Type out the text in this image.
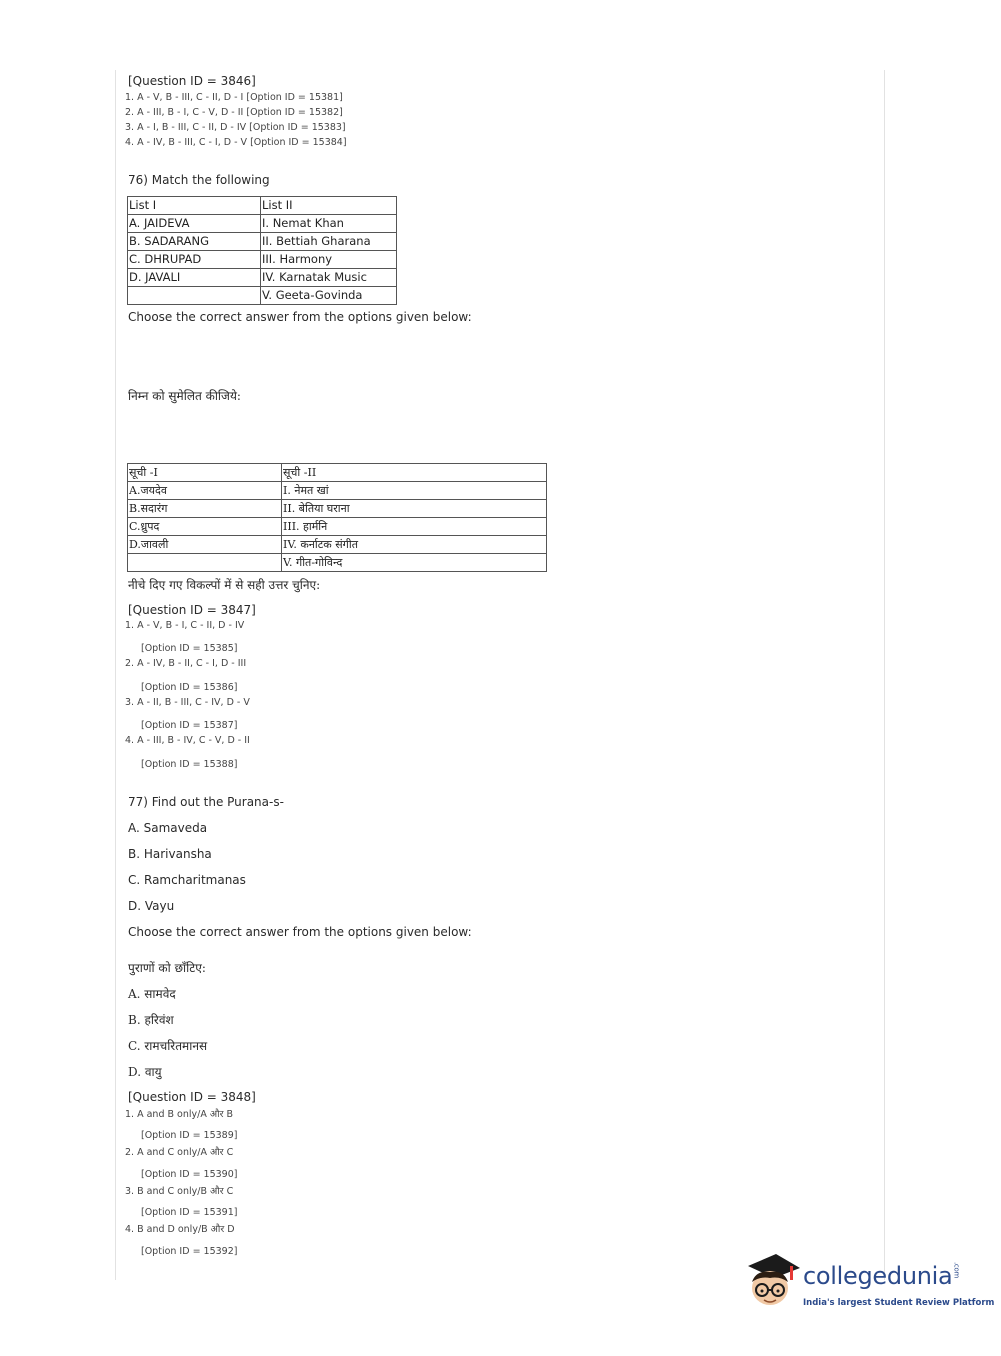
[Question ID = 3846]
1. A - V, B - III, C - II, D - I [Option ID = 15381]
2. A - III, B - I, C - V, D - II [Option ID = 15382]
3. A - I, B - III, C - II, D - IV [Option ID = 15383]
4. A - IV, B - III, C - I, D - V [Option ID = 15384]
76) Match the following
List I	List II
A. JAIDEVA	I. Nemat Khan
B. SADARANG	II. Bettiah Gharana
C. DHRUPAD	III. Harmony
D. JAVALI	IV. Karnatak Music
	V. Geeta-Govinda
Choose the correct answer from the options given below:
निम्न को सुमेलित कीजिये:
सूची -I	सूची -II
A.जयदेव	I. नेमत खां
B.सदारंग	II. बेतिया घराना
C.ध्रुपद	III. हार्मनि
D.जावली	IV. कर्नाटक संगीत
	V. गीत-गोविन्द
नीचे दिए गए विकल्पों में से सही उत्तर चुनिए:
[Question ID = 3847]
1. A - V, B - I, C - II, D - IV
[Option ID = 15385]
2. A - IV, B - II, C - I, D - III
[Option ID = 15386]
3. A - II, B - III, C - IV, D - V
[Option ID = 15387]
4. A - III, B - IV, C - V, D - II
[Option ID = 15388]
77) Find out the Purana-s-
A. Samaveda
B. Harivansha
C. Ramcharitmanas
D. Vayu
Choose the correct answer from the options given below:
पुराणों को छाँटिए:
A. सामवेद
B. हरिवंश
C. रामचरितमानस
D. वायु
[Question ID = 3848]
1. A and B only/A और B
[Option ID = 15389]
2. A and C only/A और C
[Option ID = 15390]
3. B and C only/B और C
[Option ID = 15391]
4. B and D only/B और D
[Option ID = 15392]
collegedunia.com
India's largest Student Review Platform
